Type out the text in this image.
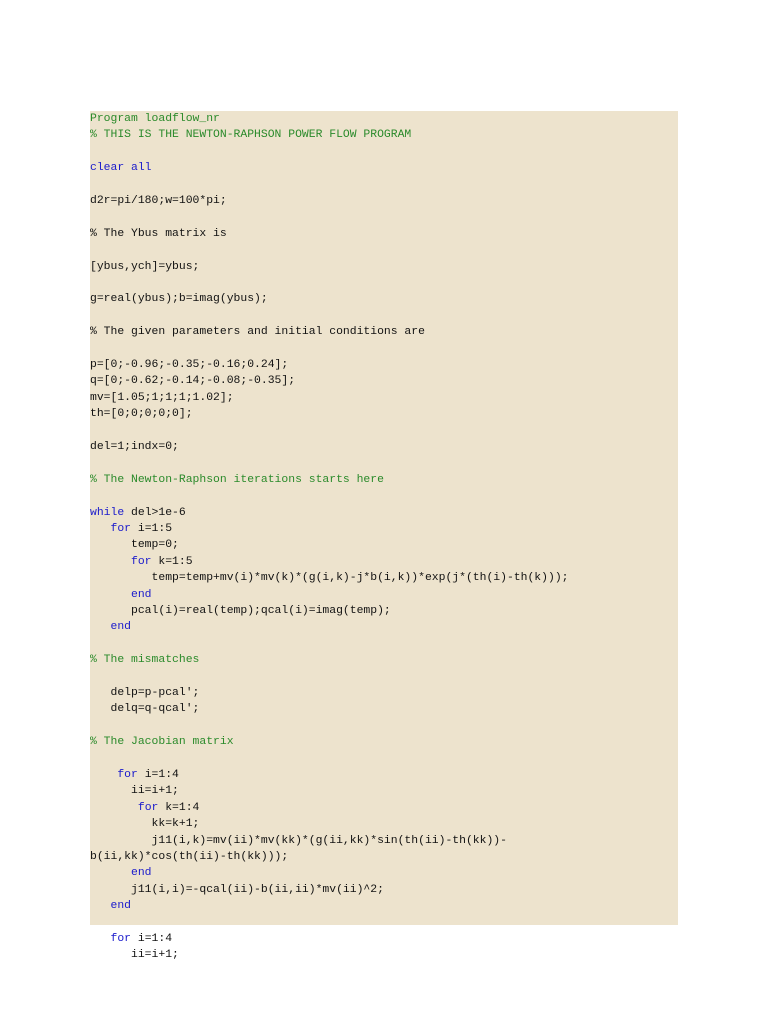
Program loadflow_nr
% THIS IS THE NEWTON-RAPHSON POWER FLOW PROGRAM
clear all
d2r=pi/180;w=100*pi;
% The Ybus matrix is
[ybus,ych]=ybus;
g=real(ybus);b=imag(ybus);
% The given parameters and initial conditions are
p=[0;-0.96;-0.35;-0.16;0.24];
q=[0;-0.62;-0.14;-0.08;-0.35];
mv=[1.05;1;1;1;1.02];
th=[0;0;0;0;0];
del=1;indx=0;
% The Newton-Raphson iterations starts here
while del>1e-6
for i=1:5
temp=0;
for k=1:5
temp=temp+mv(i)*mv(k)*(g(i,k)-j*b(i,k))*exp(j*(th(i)-th(k)));
end
pcal(i)=real(temp);qcal(i)=imag(temp);
end
% The mismatches
delp=p-pcal';
delq=q-qcal';
% The Jacobian matrix
for i=1:4
ii=i+1;
for k=1:4
kk=k+1;
j11(i,k)=mv(ii)*mv(kk)*(g(ii,kk)*sin(th(ii)-th(kk))-
b(ii,kk)*cos(th(ii)-th(kk)));
end
j11(i,i)=-qcal(ii)-b(ii,ii)*mv(ii)^2;
end
for i=1:4
ii=i+1;
